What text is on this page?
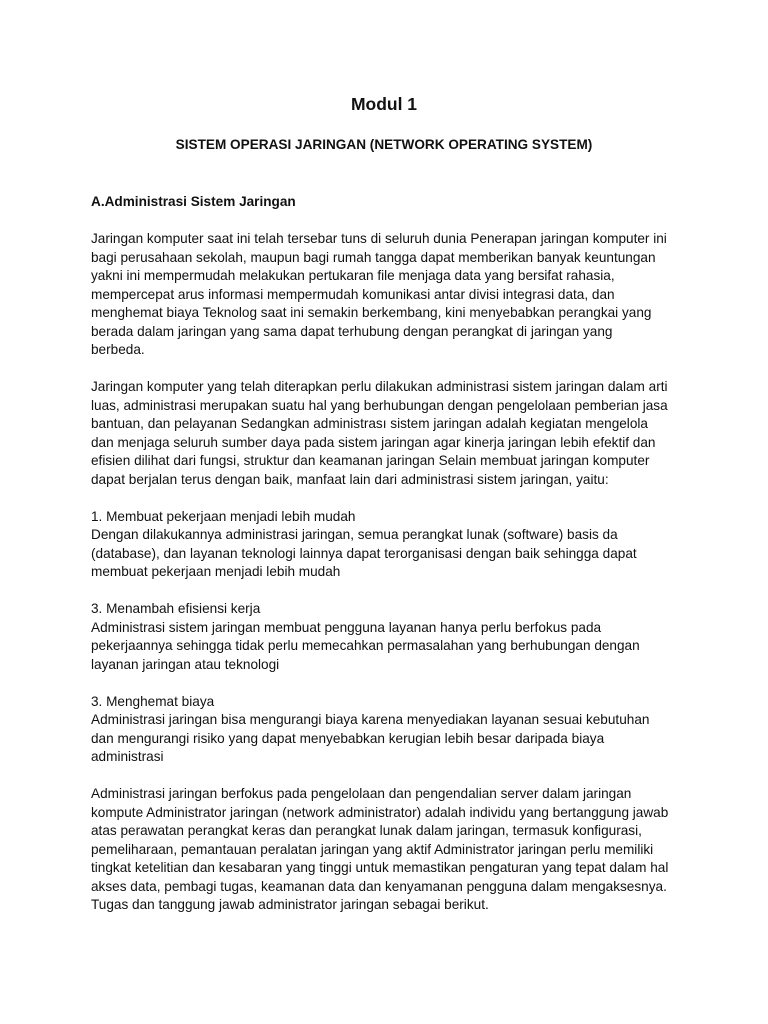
Modul 1
SISTEM OPERASI JARINGAN (NETWORK OPERATING SYSTEM)

A.Administrasi Sistem Jaringan

Jaringan komputer saat ini telah tersebar tuns di seluruh dunia Penerapan jaringan komputer ini
bagi perusahaan sekolah, maupun bagi rumah tangga dapat memberikan banyak keuntungan
yakni ini mempermudah melakukan pertukaran file menjaga data yang bersifat rahasia,
mempercepat arus informasi mempermudah komunikasi antar divisi integrasi data, dan
menghemat biaya Teknolog saat ini semakin berkembang, kini menyebabkan perangkai yang
berada dalam jaringan yang sama dapat terhubung dengan perangkat di jaringan yang
berbeda.

Jaringan komputer yang telah diterapkan perlu dilakukan administrasi sistem jaringan dalam arti
luas, administrasi merupakan suatu hal yang berhubungan dengan pengelolaan pemberian jasa
bantuan, dan pelayanan Sedangkan administrası sistem jaringan adalah kegiatan mengelola
dan menjaga seluruh sumber daya pada sistem jaringan agar kinerja jaringan lebih efektif dan
efisien dilihat dari fungsi, struktur dan keamanan jaringan Selain membuat jaringan komputer
dapat berjalan terus dengan baik, manfaat lain dari administrasi sistem jaringan, yaitu:

1. Membuat pekerjaan menjadi lebih mudah
Dengan dilakukannya administrasi jaringan, semua perangkat lunak (software) basis da
(database), dan layanan teknologi lainnya dapat terorganisasi dengan baik sehingga dapat
membuat pekerjaan menjadi lebih mudah
3. Menambah efisiensi kerja
Administrasi sistem jaringan membuat pengguna layanan hanya perlu berfokus pada
pekerjaannya sehingga tidak perlu memecahkan permasalahan yang berhubungan dengan
layanan jaringan atau teknologi
3. Menghemat biaya
Administrasi jaringan bisa mengurangi biaya karena menyediakan layanan sesuai kebutuhan
dan mengurangi risiko yang dapat menyebabkan kerugian lebih besar daripada biaya
administrasi

Administrasi jaringan berfokus pada pengelolaan dan pengendalian server dalam jaringan
kompute Administrator jaringan (network administrator) adalah individu yang bertanggung jawab
atas perawatan perangkat keras dan perangkat lunak dalam jaringan, termasuk konfigurasi,
pemeliharaan, pemantauan peralatan jaringan yang aktif Administrator jaringan perlu memiliki
tingkat ketelitian dan kesabaran yang tinggi untuk memastikan pengaturan yang tepat dalam hal
akses data, pembagi tugas, keamanan data dan kenyamanan pengguna dalam mengaksesnya.
Tugas dan tanggung jawab administrator jaringan sebagai berikut.
